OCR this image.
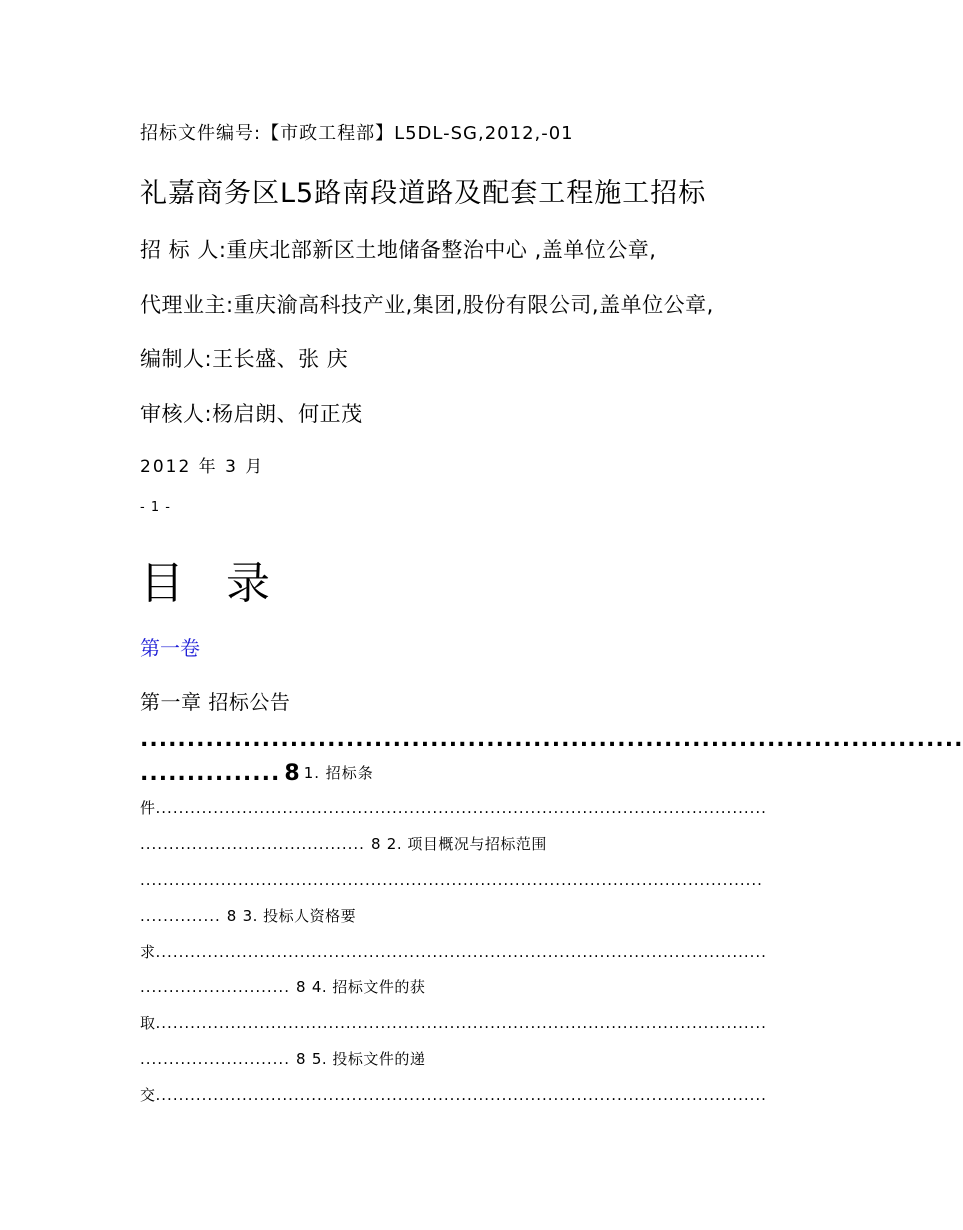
招标文件编号:【市政工程部】L5DL-SG,2012,-01
礼嘉商务区L5路南段道路及配套工程施工招标
招 标 人:重庆北部新区土地储备整治中心 ,盖单位公章,
代理业主:重庆渝高科技产业,集团,股份有限公司,盖单位公章,
编制人:王长盛、张 庆
审核人:杨启朗、何正茂
2012 年 3 月
- 1 -
目 录
第一卷
第一章 招标公告
........................................................................................
............... 8 1. 招标条
件..........................................................................................................
....................................... 8 2. 项目概况与招标范围
............................................................................................................
.............. 8 3. 投标人资格要
求..........................................................................................................
.......................... 8 4. 招标文件的获
取..........................................................................................................
.......................... 8 5. 投标文件的递
交..........................................................................................................
